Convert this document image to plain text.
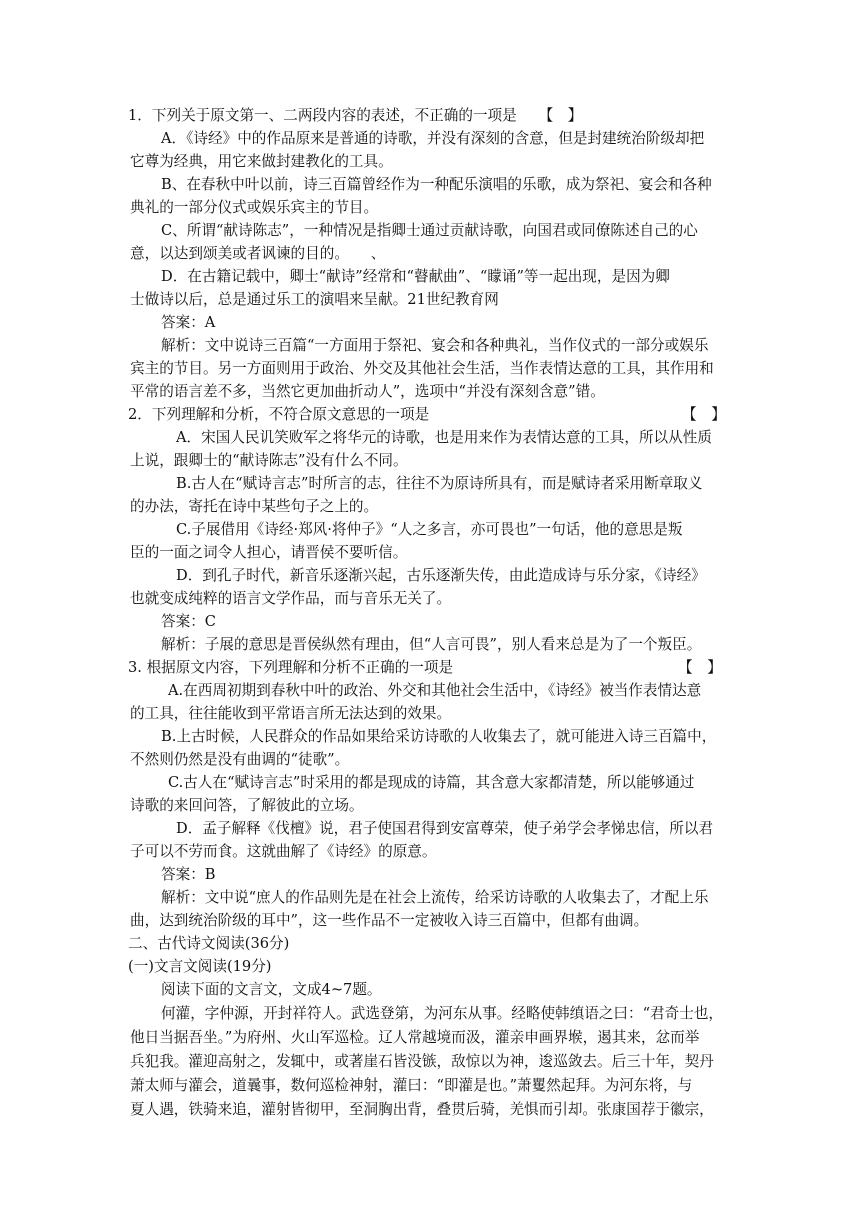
1．下列关于原文第一、二两段内容的表述，不正确的一项是　　【　】
A．《诗经》中的作品原来是普通的诗歌，并没有深刻的含意，但是封建统治阶级却把
它尊为经典，用它来做封建教化的工具。
B、在春秋中叶以前，诗三百篇曾经作为一种配乐演唱的乐歌，成为祭祀、宴会和各种
典礼的一部分仪式或娱乐宾主的节目。
C、所谓“献诗陈志”，一种情况是指卿士通过贡献诗歌，向国君或同僚陈述自己的心
意，以达到颂美或者讽谏的目的。　　、
D．在古籍记载中，卿士“献诗”经常和“瞽献曲”、“矇诵”等一起出现，是因为卿
士做诗以后，总是通过乐工的演唱来呈献。21世纪教育网
答案：A
解析：文中说诗三百篇“一方面用于祭祀、宴会和各种典礼，当作仪式的一部分或娱乐
宾主的节目。另一方面则用于政治、外交及其他社会生活，当作表情达意的工具，其作用和
平常的语言差不多，当然它更加曲折动人”，选项中“并没有深刻含意”错。
2．下列理解和分析，不符合原文意思的一项是	【　】
A．宋国人民讥笑败军之将华元的诗歌，也是用来作为表情达意的工具，所以从性质
上说，跟卿士的“献诗陈志”没有什么不同。
B.古人在“赋诗言志”时所言的志，往往不为原诗所具有，而是赋诗者采用断章取义
的办法，寄托在诗中某些句子之上的。
C.子展借用《诗经·郑风·将仲子》“人之多言，亦可畏也”一句话，他的意思是叛
臣的一面之词令人担心，请晋侯不要听信。
D．到孔子时代，新音乐逐渐兴起，古乐逐渐失传，由此造成诗与乐分家，《诗经》
也就变成纯粹的语言文学作品，而与音乐无关了。
答案：C
解析：子展的意思是晋侯纵然有理由，但“人言可畏”，别人看来总是为了一个叛臣。
3. 根据原文内容，下列理解和分析不正确的一项是	【　】
A.在西周初期到春秋中叶的政治、外交和其他社会生活中，《诗经》被当作表情达意
的工具，往往能收到平常语言所无法达到的效果。
B.上古时候，人民群众的作品如果给采访诗歌的人收集去了，就可能进入诗三百篇中，
不然则仍然是没有曲调的“徒歌”。
C.古人在“赋诗言志”时采用的都是现成的诗篇，其含意大家都清楚，所以能够通过
诗歌的来回问答，了解彼此的立场。
D．孟子解释《伐檀》说，君子使国君得到安富尊荣，使子弟学会孝悌忠信，所以君
子可以不劳而食。这就曲解了《诗经》的原意。
答案：B
解析：文中说“庶人的作品则先是在社会上流传，给采访诗歌的人收集去了，才配上乐
曲，达到统治阶级的耳中”，这一些作品不一定被收入诗三百篇中，但都有曲调。
二、古代诗文阅读(36分)
(一)文言文阅读(19分)
阅读下面的文言文，文成4~7题。
何灌，字仲源，开封祥符人。武选登第，为河东从事。经略使韩缜语之曰：“君奇士也，
他日当据吾坐。”为府州、火山军巡检。辽人常越境而汲，灌亲申画界堠，遏其来，忿而举
兵犯我。灌迎高射之，发辄中，或著崖石皆没镞，敌惊以为神，逡巡敛去。后三十年，契丹
萧太师与灌会，道曩事，数何巡检神射，灌曰：“即灌是也。”萧矍然起拜。为河东将，与
夏人遇，铁骑来追，灌射皆彻甲，至洞胸出背，叠贯后骑，羌惧而引却。张康国荐于徽宗，
